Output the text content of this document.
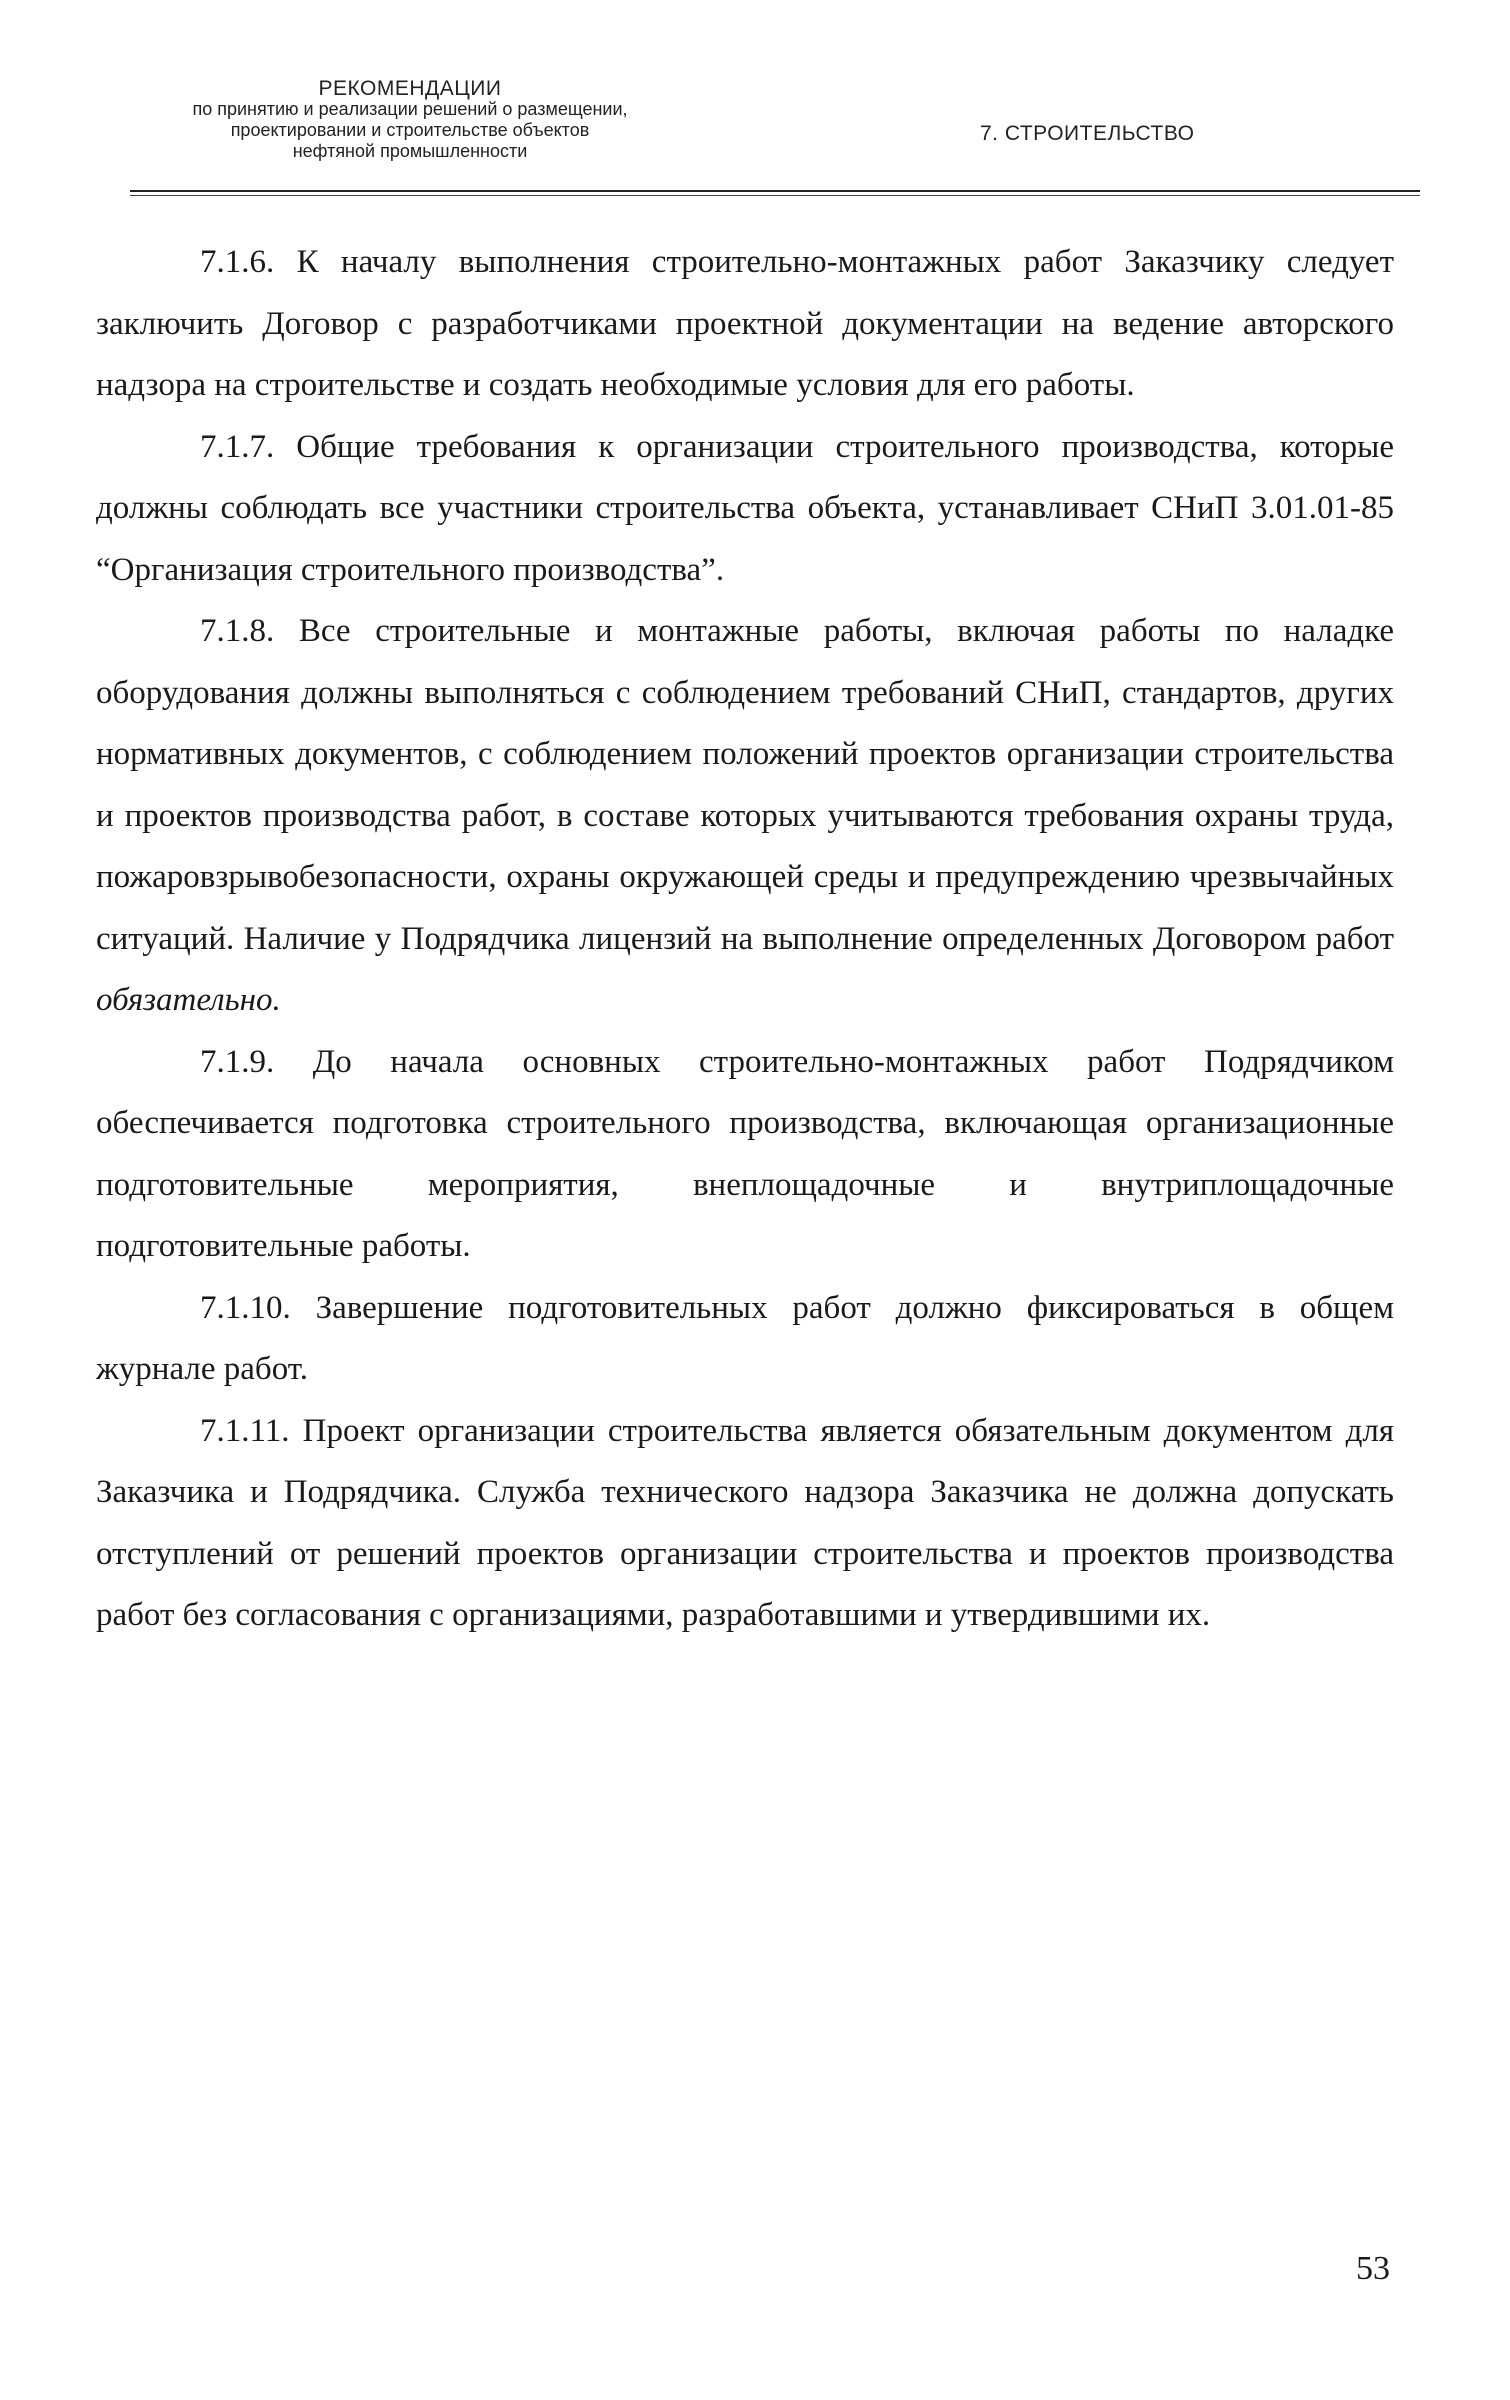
РЕКОМЕНДАЦИИ
по принятию и реализации решений о размещении,
проектировании и строительстве объектов
нефтяной промышленности
7. СТРОИТЕЛЬСТВО

7.1.6. К началу выполнения строительно-монтажных работ Заказчику следует заключить Договор с разработчиками проектной документации на ведение авторского надзора на строительстве и создать необходимые условия для его работы.

7.1.7. Общие требования к организации строительного производства, которые должны соблюдать все участники строительства объекта, устанавливает СНиП 3.01.01-85 “Организация строительного производства”.

7.1.8. Все строительные и монтажные работы, включая работы по наладке оборудования должны выполняться с соблюдением требований СНиП, стандартов, других нормативных документов, с соблюдением положений проектов организации строительства и проектов производства работ, в составе которых учитываются требования охраны труда, пожаровзрывобезопасности, охраны окружающей среды и предупреждению чрезвычайных ситуаций. Наличие у Подрядчика лицензий на выполнение определенных Договором работ обязательно.

7.1.9. До начала основных строительно-монтажных работ Подрядчиком обеспечивается подготовка строительного производства, включающая организационные подготовительные мероприятия, внеплощадочные и внутриплощадочные подготовительные работы.

7.1.10. Завершение подготовительных работ должно фиксироваться в общем журнале работ.

7.1.11. Проект организации строительства является обязательным документом для Заказчика и Подрядчика. Служба технического надзора Заказчика не должна допускать отступлений от решений проектов организации строительства и проектов производства работ без согласования с организациями, разработавшими и утвердившими их.

53
